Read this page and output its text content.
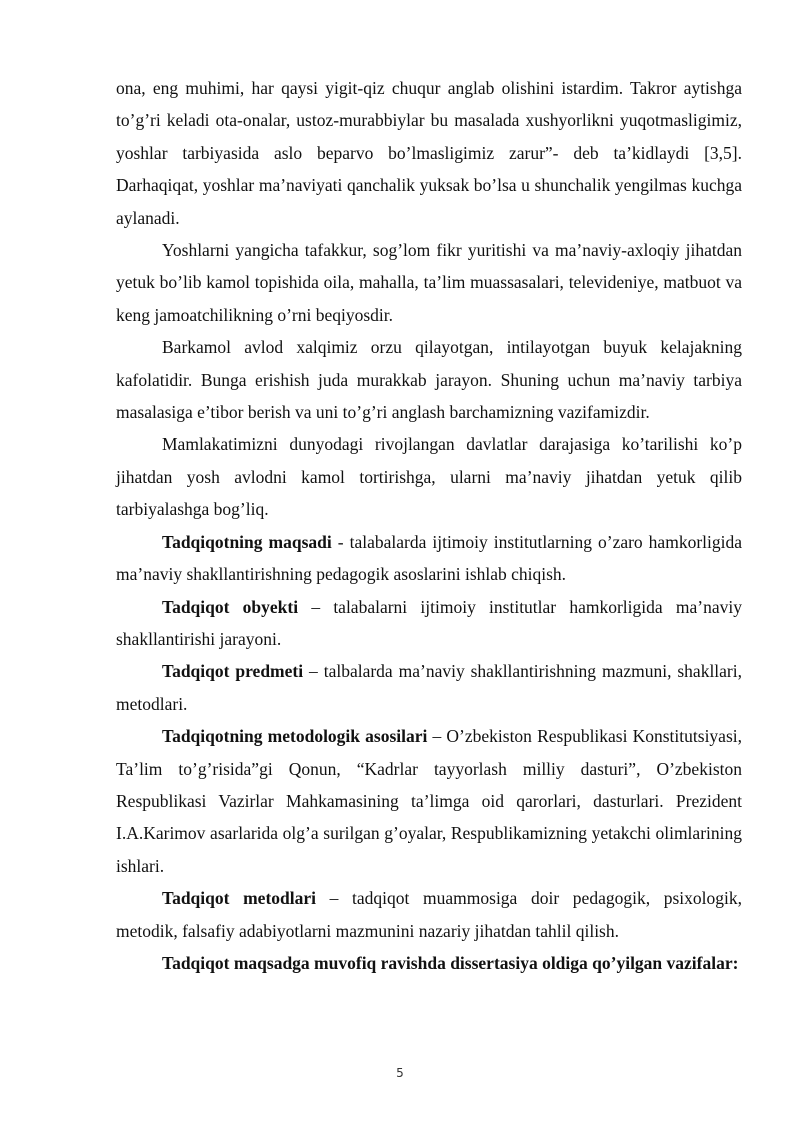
ona, eng muhimi, har qaysi yigit-qiz chuqur anglab olishini istardim. Takror aytishga to’g’ri keladi ota-onalar, ustoz-murabbiylar bu masalada xushyorlikni yuqotmasligimiz, yoshlar tarbiyasida aslo beparvo bo’lmasligimiz zarur”- deb ta’kidlaydi [3,5]. Darhaqiqat, yoshlar ma’naviyati qanchalik yuksak bo’lsa u shunchalik yengilmas kuchga aylanadi.

Yoshlarni yangicha tafakkur, sog’lom fikr yuritishi va ma’naviy-axloqiy jihatdan yetuk bo’lib kamol topishida oila, mahalla, ta’lim muassasalari, televideniye, matbuot va keng jamoatchilikning o’rni beqiyosdir.

Barkamol avlod xalqimiz orzu qilayotgan, intilayotgan buyuk kelajakning kafolatidir. Bunga erishish juda murakkab jarayon. Shuning uchun ma’naviy tarbiya masalasiga e’tibor berish va uni to’g’ri anglash barchamizning vazifamizdir.

Mamlakatimizni dunyodagi rivojlangan davlatlar darajasiga ko’tarilishi ko’p jihatdan yosh avlodni kamol tortirishga, ularni ma’naviy jihatdan yetuk qilib tarbiyalashga bog’liq.

Tadqiqotning maqsadi - talabalarda ijtimoiy institutlarning o’zaro hamkorligida ma’naviy shakllantirishning pedagogik asoslarini ishlab chiqish.

Tadqiqot obyekti – talabalarni ijtimoiy institutlar hamkorligida ma’naviy shakllantirishi jarayoni.

Tadqiqot predmeti – talbalarda ma’naviy shakllantirishning mazmuni, shakllari, metodlari.

Tadqiqotning metodologik asosilari – O’zbekiston Respublikasi Konstitutsiyasi, Ta’lim to’g’risida”gi Qonun, “Kadrlar tayyorlash milliy dasturi”, O’zbekiston Respublikasi Vazirlar Mahkamasining ta’limga oid qarorlari, dasturlari. Prezident I.A.Karimov asarlarida olg’a surilgan g’oyalar, Respublikamizning yetakchi olimlarining ishlari.

Tadqiqot metodlari – tadqiqot muammosiga doir pedagogik, psixologik, metodik, falsafiy adabiyotlarni mazmunini nazariy jihatdan tahlil qilish.

Tadqiqot maqsadga muvofiq ravishda dissertasiya oldiga qo’yilgan vazifalar:

5
